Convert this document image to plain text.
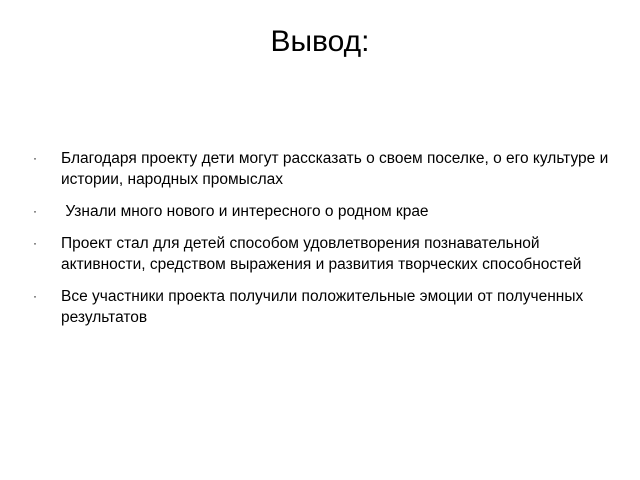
Вывод:
·	Благодаря проекту дети могут рассказать о своем поселке, о его культуре и истории, народных промыслах
·	Узнали много нового и интересного о родном крае
·	Проект стал для детей способом удовлетворения познавательной активности, средством выражения и развития творческих способностей
·	Все участники проекта получили положительные эмоции от полученных результатов
